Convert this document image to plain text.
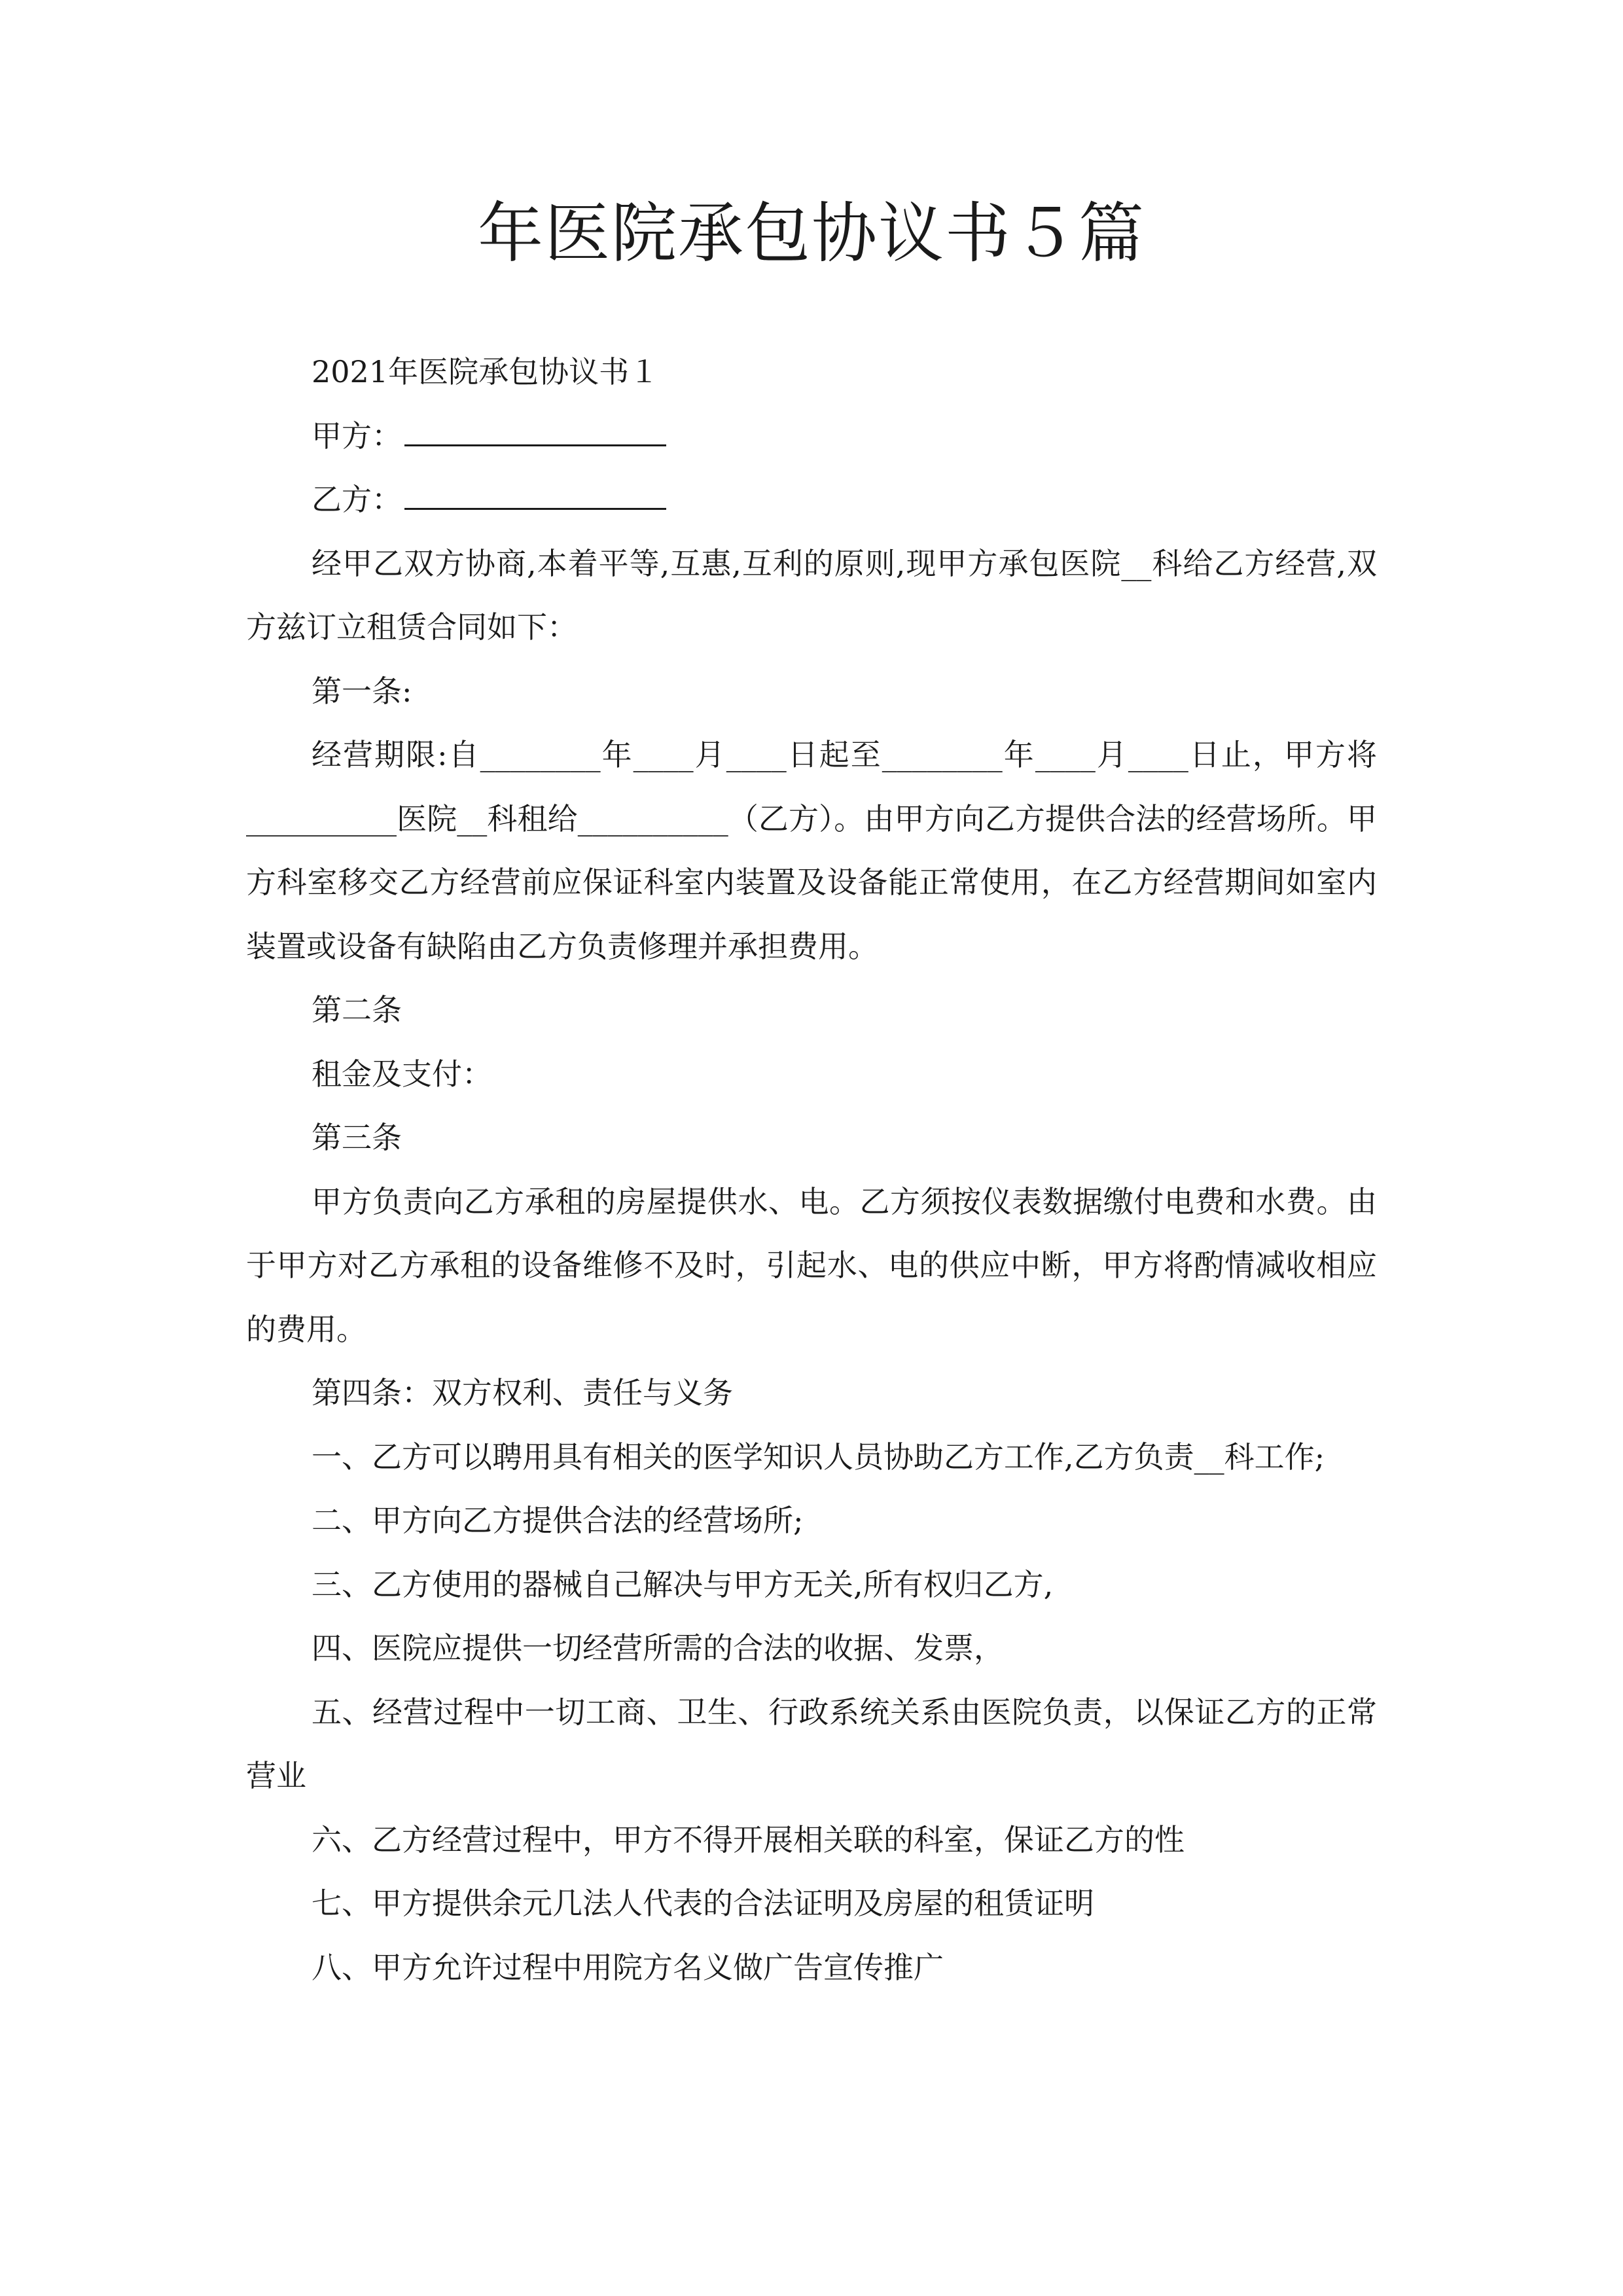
年医院承包协议书５篇

2021年医院承包协议书１

甲方：

乙方：

经甲乙双方协商,本着平等,互惠,互利的原则,现甲方承包医院__科给乙方经营,双方兹订立租赁合同如下：

第一条:

经营期限:自________年____月____日起至________年____月____日止，甲方将__________医院__科租给__________（乙方）。由甲方向乙方提供合法的经营场所。甲方科室移交乙方经营前应保证科室内装置及设备能正常使用，在乙方经营期间如室内装置或设备有缺陷由乙方负责修理并承担费用。

第二条

租金及支付：

第三条

甲方负责向乙方承租的房屋提供水、电。乙方须按仪表数据缴付电费和水费。由于甲方对乙方承租的设备维修不及时，引起水、电的供应中断，甲方将酌情减收相应的费用。

第四条：双方权利、责任与义务

一、乙方可以聘用具有相关的医学知识人员协助乙方工作,乙方负责__科工作;

二、甲方向乙方提供合法的经营场所;

三、乙方使用的器械自己解决与甲方无关,所有权归乙方,

四、医院应提供一切经营所需的合法的收据、发票，

五、经营过程中一切工商、卫生、行政系统关系由医院负责，以保证乙方的正常营业

六、乙方经营过程中，甲方不得开展相关联的科室，保证乙方的性

七、甲方提供余元几法人代表的合法证明及房屋的租赁证明

八、甲方允许过程中用院方名义做广告宣传推广
